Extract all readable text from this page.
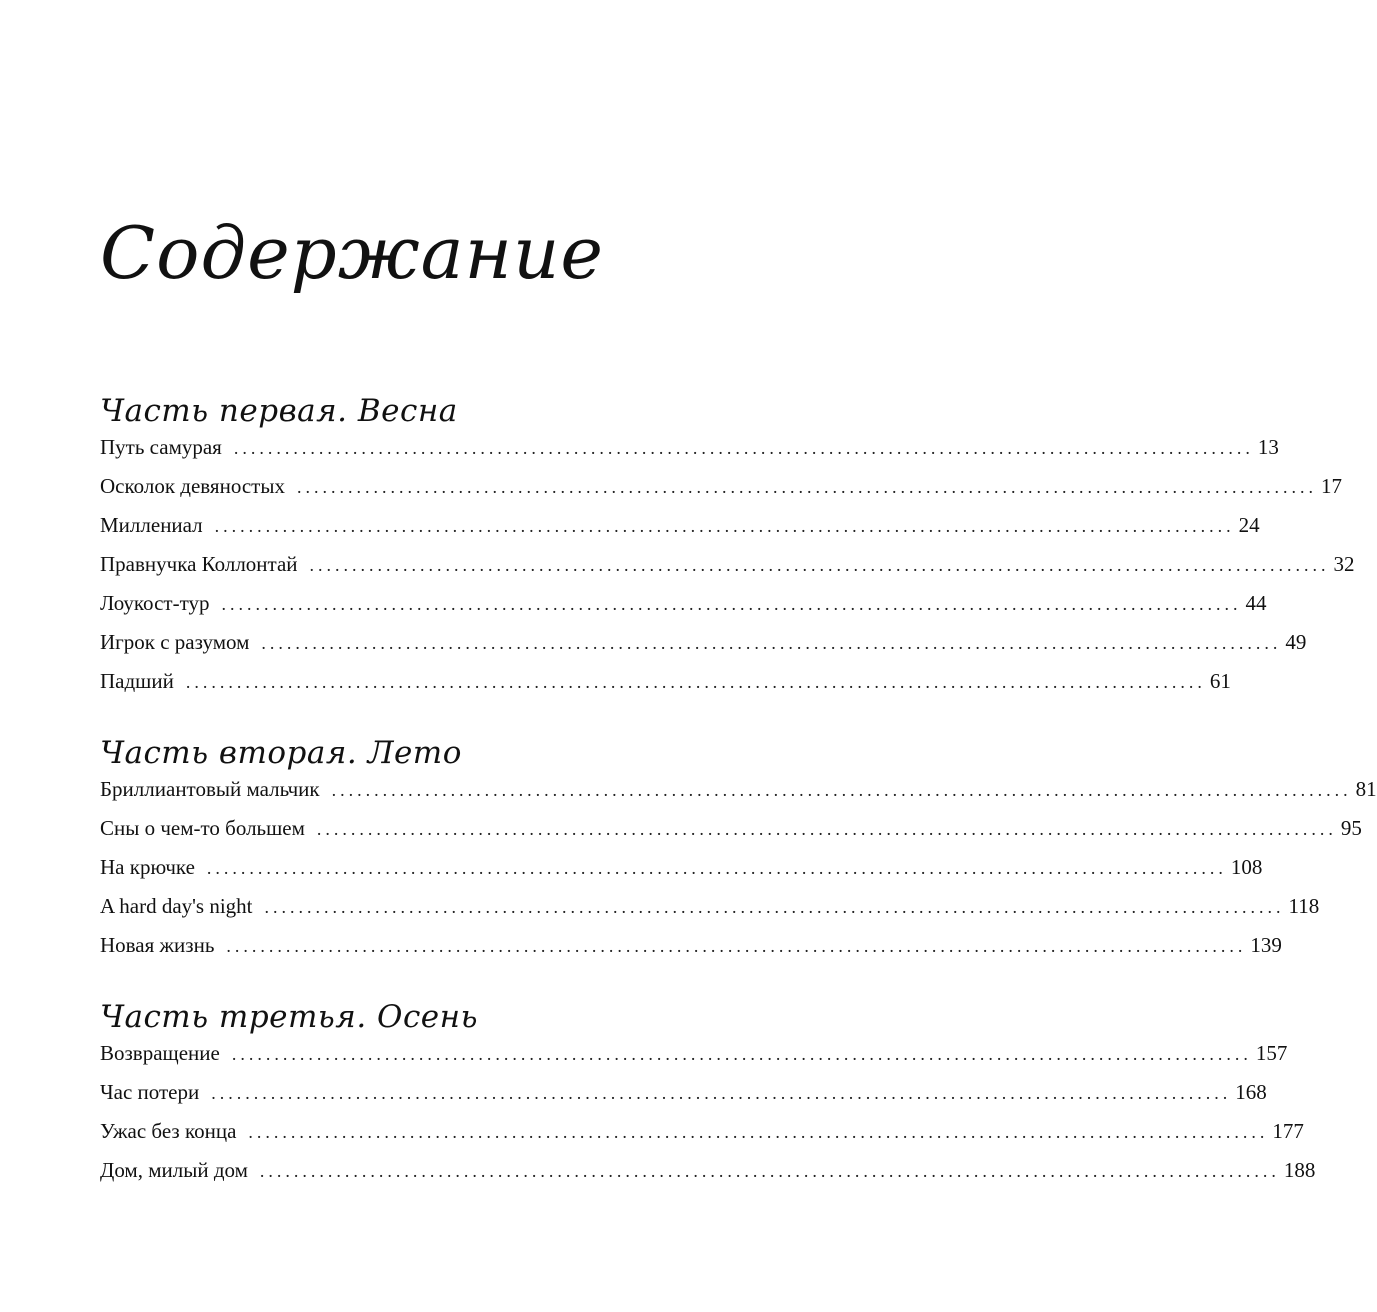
Содержание
Часть первая. Весна
Путь самурая ........................................................................................................................ 13
Осколок девяностых ........................................................................................................................ 17
Миллениал ........................................................................................................................ 24
Правнучка Коллонтай ........................................................................................................................ 32
Лоукост-тур ........................................................................................................................ 44
Игрок с разумом ........................................................................................................................ 49
Падший ........................................................................................................................ 61
Часть вторая. Лето
Бриллиантовый мальчик ........................................................................................................................ 81
Сны о чем-то большем ........................................................................................................................ 95
На крючке ........................................................................................................................ 108
A hard day's night ........................................................................................................................ 118
Новая жизнь ........................................................................................................................ 139
Часть третья. Осень
Возвращение ........................................................................................................................ 157
Час потери ........................................................................................................................ 168
Ужас без конца ........................................................................................................................ 177
Дом, милый дом ........................................................................................................................ 188
